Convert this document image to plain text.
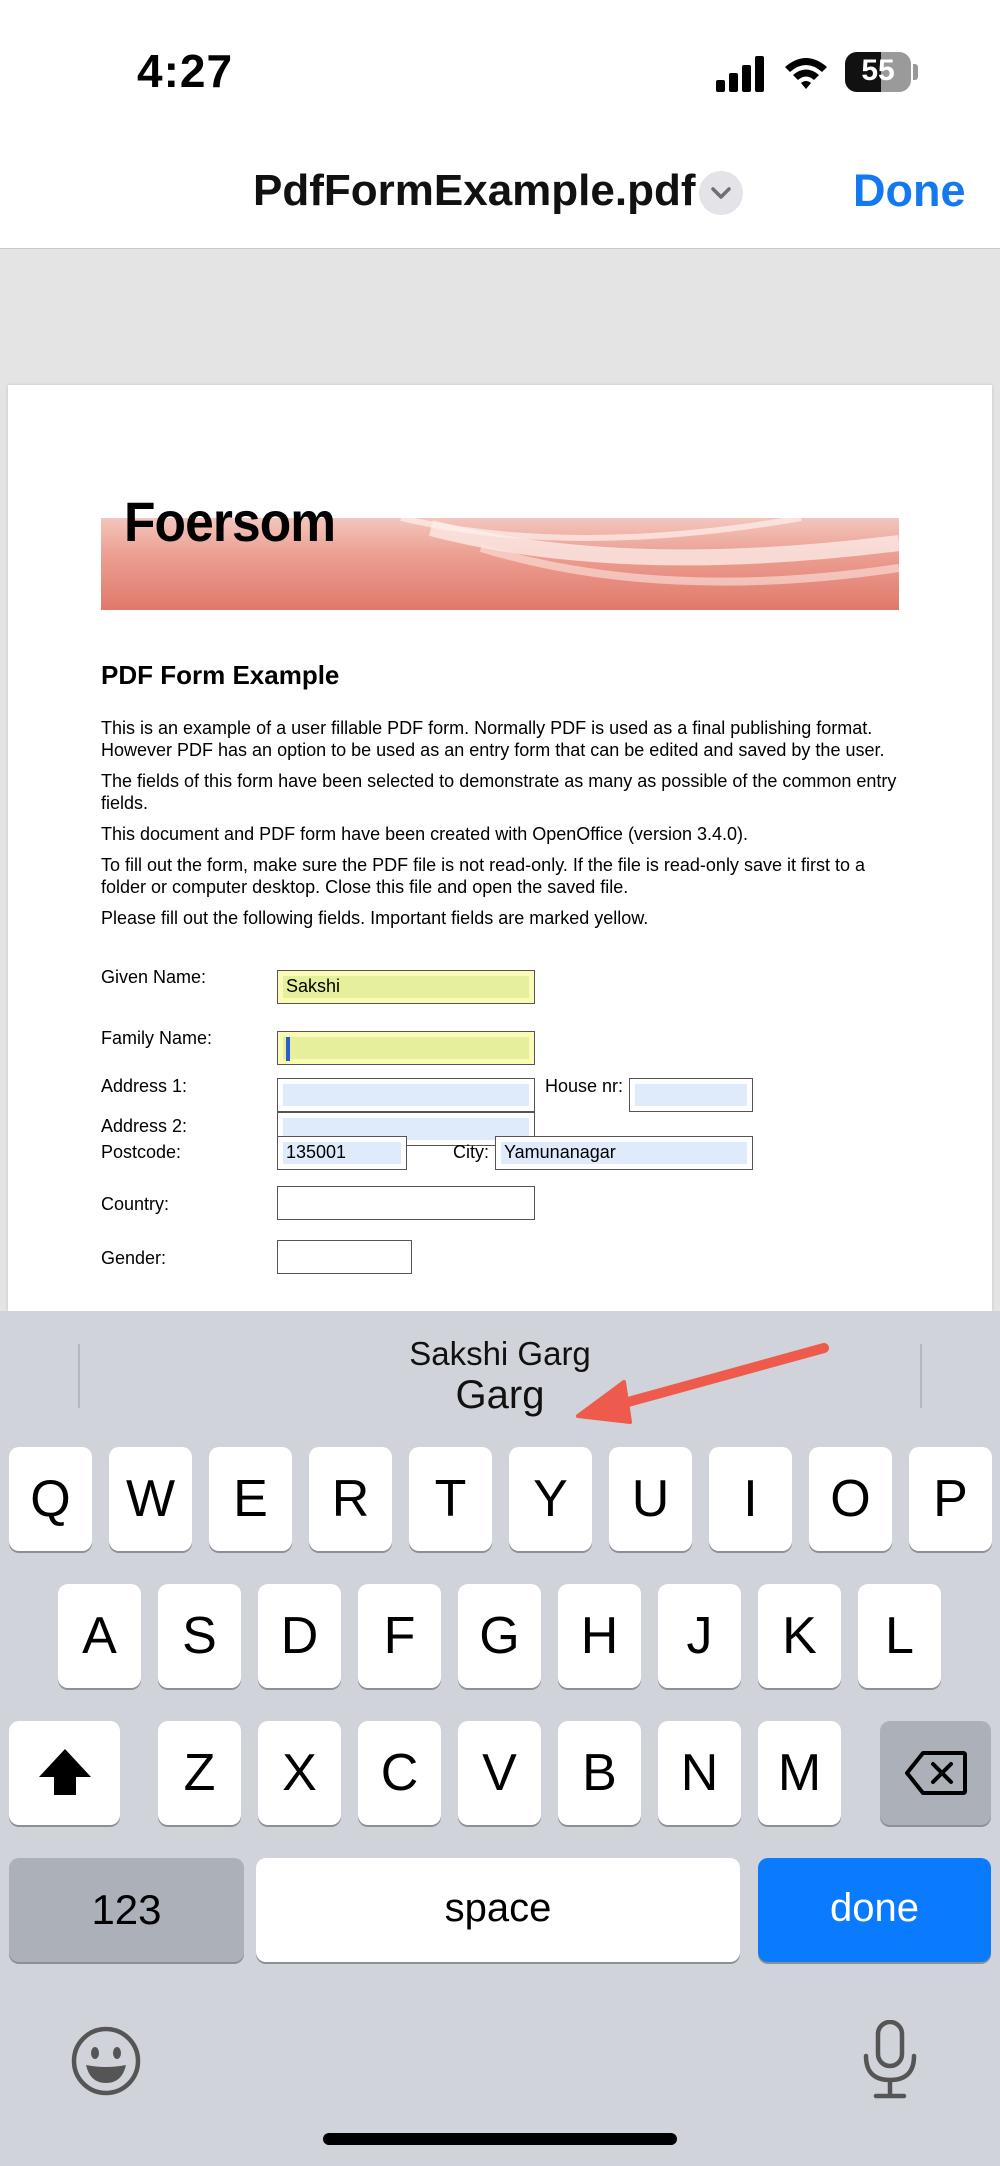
4:27	55
PdfFormExample.pdf	Done
Foersom
PDF Form Example
This is an example of a user fillable PDF form. Normally PDF is used as a final publishing format. However PDF has an option to be used as an entry form that can be edited and saved by the user.
The fields of this form have been selected to demonstrate as many as possible of the common entry fields.
This document and PDF form have been created with OpenOffice (version 3.4.0).
To fill out the form, make sure the PDF file is not read-only. If the file is read-only save it first to a folder or computer desktop. Close this file and open the saved file.
Please fill out the following fields. Important fields are marked yellow.
Given Name:	Sakshi
Family Name:
Address 1:	House nr:
Address 2:
Postcode:	135001	City: Yamunanagar
Country:
Gender:
Sakshi Garg
Garg
Q	W	E	R	T	Y	U	I	O	P
A	S	D	F	G	H	J	K	L
Z	X	C	V	B	N	M
123	space	done
